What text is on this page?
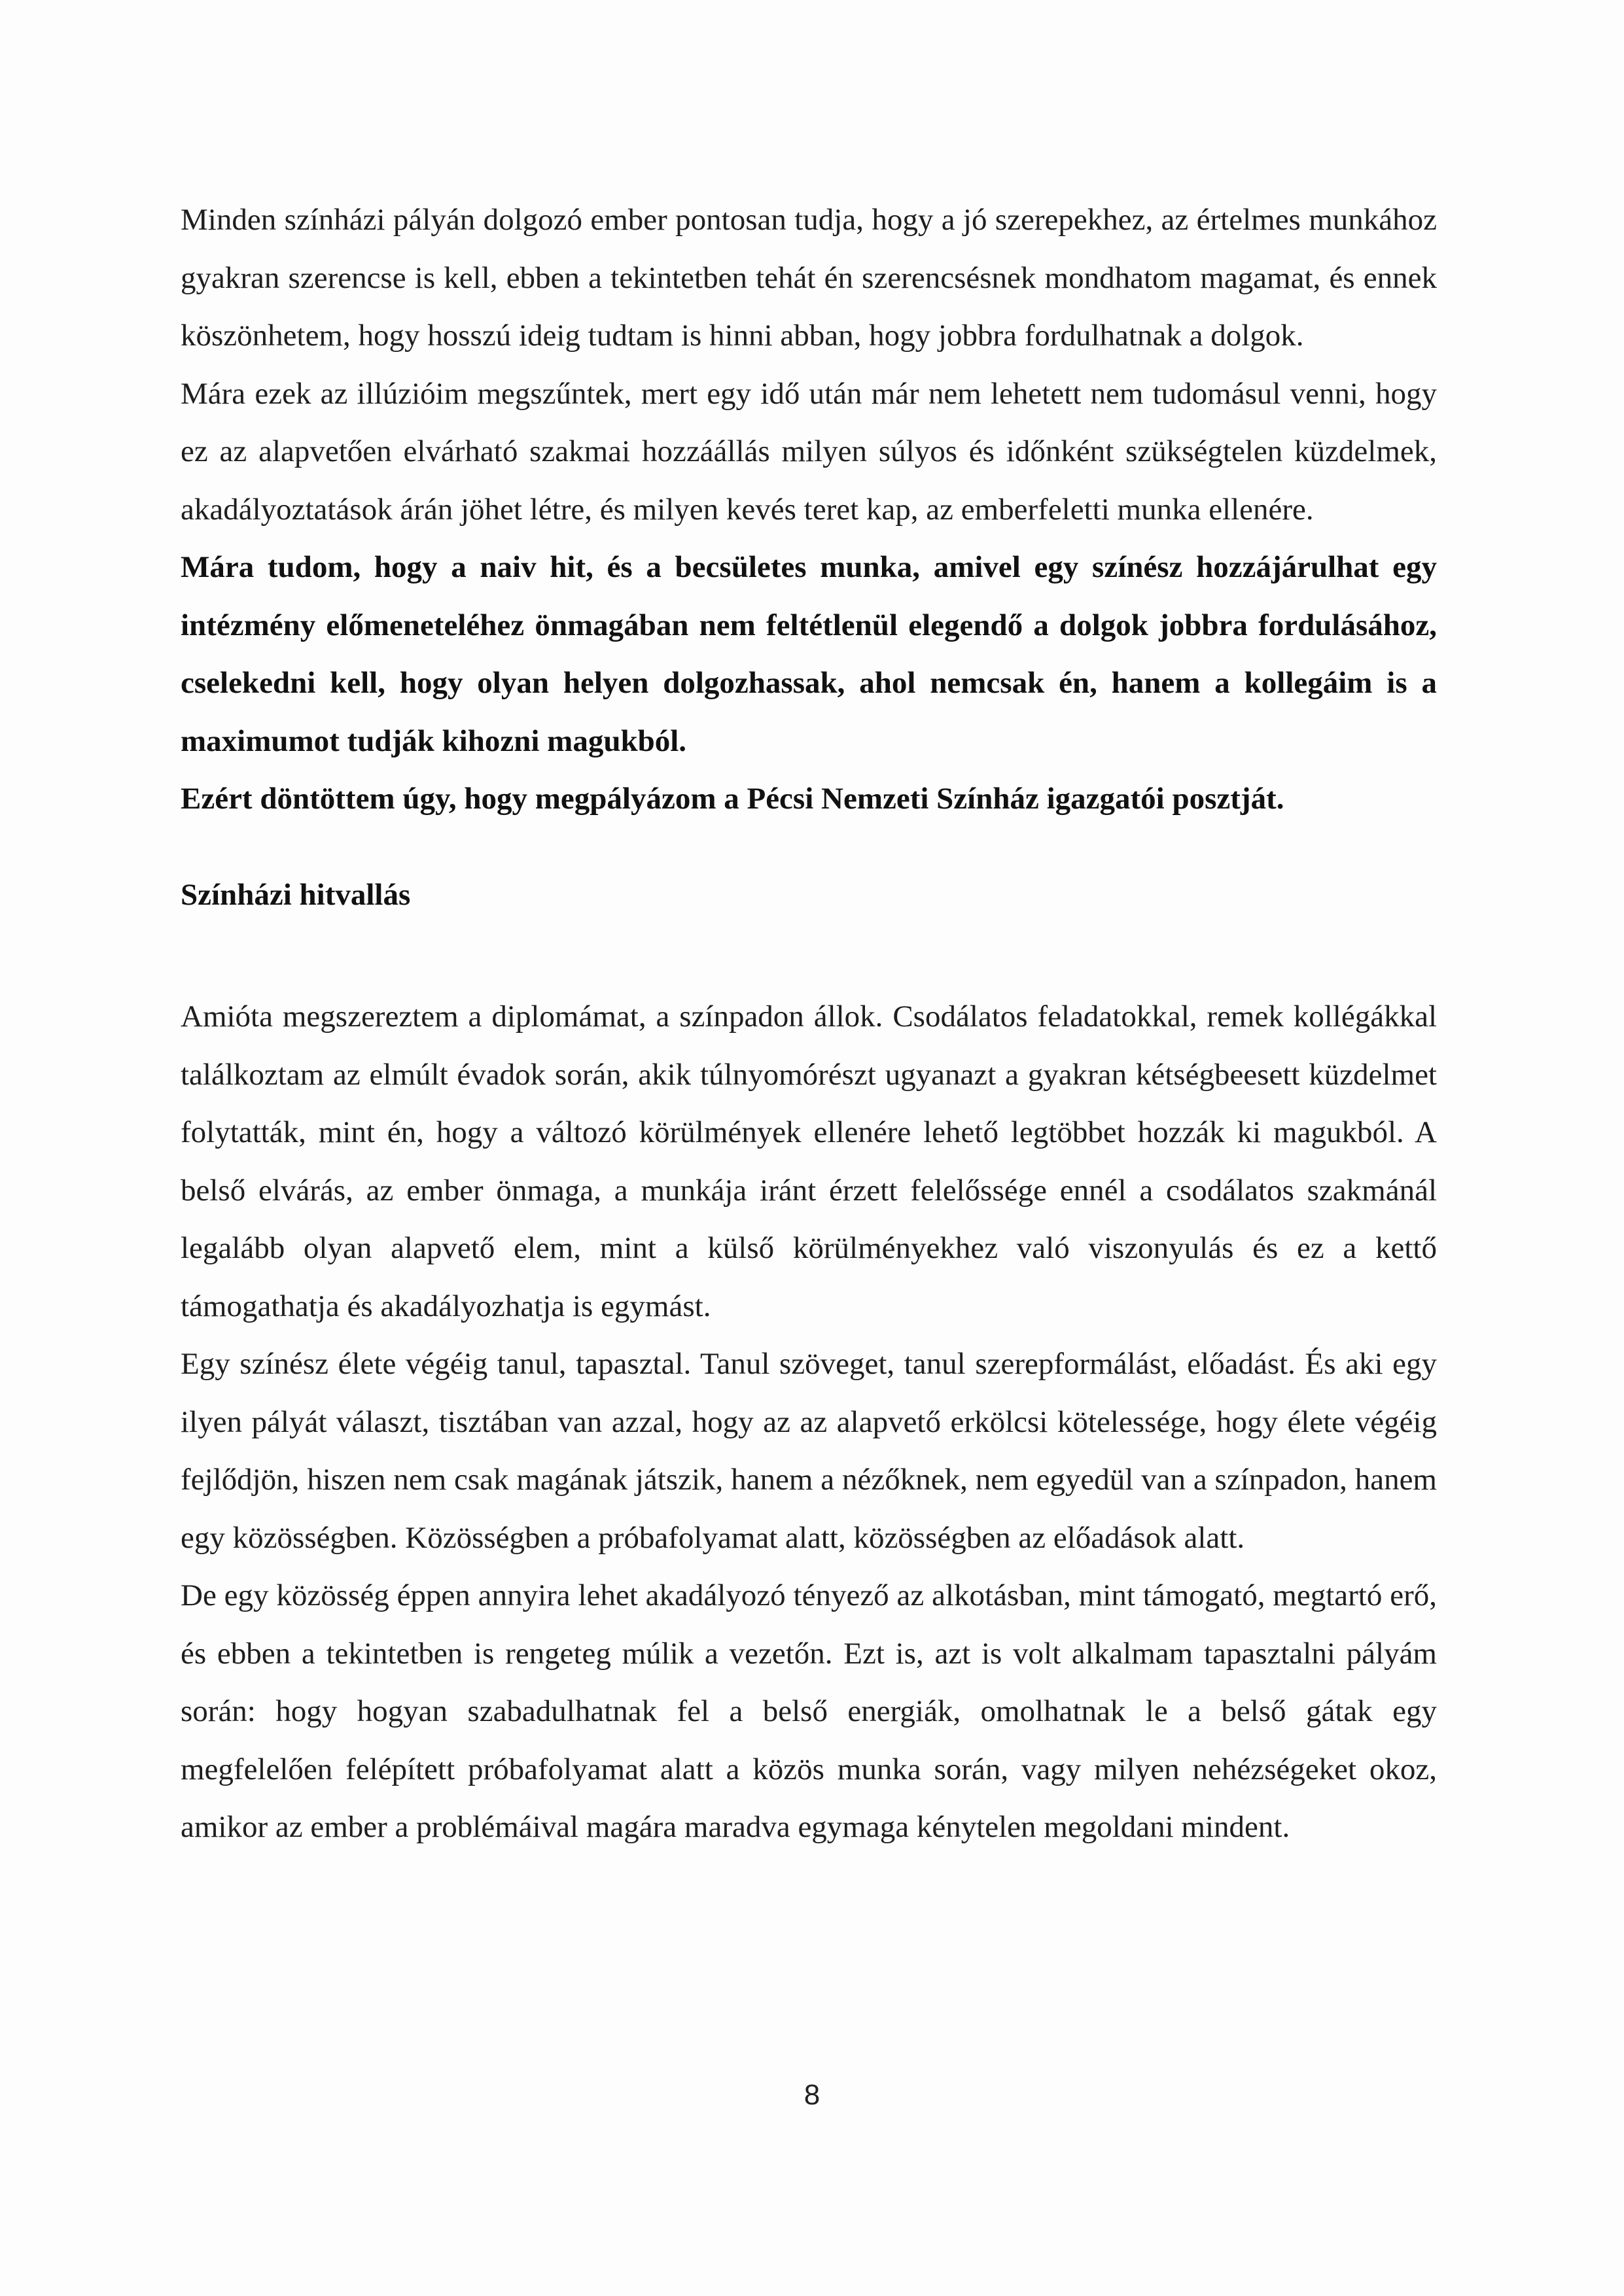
Minden színházi pályán dolgozó ember pontosan tudja, hogy a jó szerepekhez, az értelmes munkához gyakran szerencse is kell, ebben a tekintetben tehát én szerencsésnek mondhatom magamat, és ennek köszönhetem, hogy hosszú ideig tudtam is hinni abban, hogy jobbra fordulhatnak a dolgok.

Mára ezek az illúzióim megszűntek, mert egy idő után már nem lehetett nem tudomásul venni, hogy ez az alapvetően elvárható szakmai hozzáállás milyen súlyos és időnként szükségtelen küzdelmek, akadályoztatások árán jöhet létre, és milyen kevés teret kap, az emberfeletti munka ellenére.

Mára tudom, hogy a naiv hit, és a becsületes munka, amivel egy színész hozzájárulhat egy intézmény előmeneteléhez önmagában nem feltétlenül elegendő a dolgok jobbra fordulásához, cselekedni kell, hogy olyan helyen dolgozhassak, ahol nemcsak én, hanem a kollegáim is a maximumot tudják kihozni magukból.

Ezért döntöttem úgy, hogy megpályázom a Pécsi Nemzeti Színház igazgatói posztját.

Színházi hitvallás

Amióta megszereztem a diplomámat, a színpadon állok. Csodálatos feladatokkal, remek kollégákkal találkoztam az elmúlt évadok során, akik túlnyomórészt ugyanazt a gyakran kétségbeesett küzdelmet folytatták, mint én, hogy a változó körülmények ellenére lehető legtöbbet hozzák ki magukból. A belső elvárás, az ember önmaga, a munkája iránt érzett felelőssége ennél a csodálatos szakmánál legalább olyan alapvető elem, mint a külső körülményekhez való viszonyulás és ez a kettő támogathatja és akadályozhatja is egymást.

Egy színész élete végéig tanul, tapasztal. Tanul szöveget, tanul szerepformálást, előadást. És aki egy ilyen pályát választ, tisztában van azzal, hogy az az alapvető erkölcsi kötelessége, hogy élete végéig fejlődjön, hiszen nem csak magának játszik, hanem a nézőknek, nem egyedül van a színpadon, hanem egy közösségben. Közösségben a próbafolyamat alatt, közösségben az előadások alatt.

De egy közösség éppen annyira lehet akadályozó tényező az alkotásban, mint támogató, megtartó erő, és ebben a tekintetben is rengeteg múlik a vezetőn. Ezt is, azt is volt alkalmam tapasztalni pályám során: hogy hogyan szabadulhatnak fel a belső energiák, omolhatnak le a belső gátak egy megfelelően felépített próbafolyamat alatt a közös munka során, vagy milyen nehézségeket okoz, amikor az ember a problémáival magára maradva egymaga kénytelen megoldani mindent.

8
